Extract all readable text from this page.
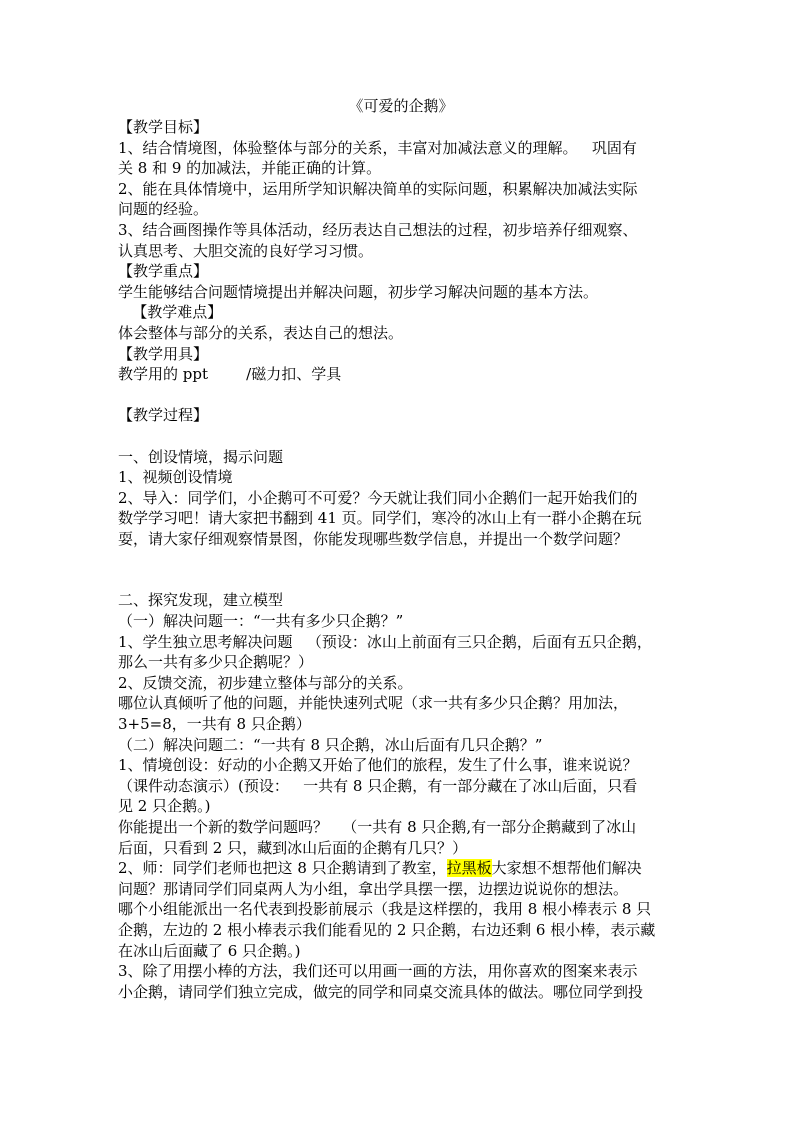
《可爱的企鹅》

【教学目标】

1、结合情境图，体验整体与部分的关系，丰富对加减法意义的理解。   巩固有

关 8 和 9 的加减法，并能正确的计算。

2、能在具体情境中，运用所学知识解决简单的实际问题，积累解决加减法实际

问题的经验。

3、结合画图操作等具体活动，经历表达自己想法的过程，初步培养仔细观察、

认真思考、大胆交流的良好学习习惯。

【教学重点】

学生能够结合问题情境提出并解决问题，初步学习解决问题的基本方法。

【教学难点】

体会整体与部分的关系，表达自己的想法。

【教学用具】

教学用的 ppt        /磁力扣、学具

【教学过程】

一、创设情境，揭示问题

1、视频创设情境

2、导入：同学们，小企鹅可不可爱？今天就让我们同小企鹅们一起开始我们的

数学学习吧！请大家把书翻到 41 页。同学们，寒冷的冰山上有一群小企鹅在玩

耍，请大家仔细观察情景图，你能发现哪些数学信息，并提出一个数学问题？

二、探究发现，建立模型

（一）解决问题一：“一共有多少只企鹅？”

1、学生独立思考解决问题   （预设：冰山上前面有三只企鹅，后面有五只企鹅，

那么一共有多少只企鹅呢？）

2、反馈交流，初步建立整体与部分的关系。

哪位认真倾听了他的问题，并能快速列式呢（求一共有多少只企鹅？用加法，

3+5=8，一共有 8 只企鹅）

（二）解决问题二：“一共有 8 只企鹅，冰山后面有几只企鹅？”

1、情境创设：好动的小企鹅又开始了他们的旅程，发生了什么事，谁来说说？

（课件动态演示）(预设：   一共有 8 只企鹅，有一部分藏在了冰山后面，只看

见 2 只企鹅。)

你能提出一个新的数学问题吗？   （一共有 8 只企鹅,有一部分企鹅藏到了冰山

后面，只看到 2 只，藏到冰山后面的企鹅有几只？）

2、师：同学们老师也把这 8 只企鹅请到了教室，拉黑板大家想不想帮他们解决

问题？那请同学们同桌两人为小组，拿出学具摆一摆，边摆边说说你的想法。

哪个小组能派出一名代表到投影前展示（我是这样摆的，我用 8 根小棒表示 8 只

企鹅，左边的 2 根小棒表示我们能看见的 2 只企鹅，右边还剩 6 根小棒，表示藏

在冰山后面藏了 6 只企鹅。)

3、除了用摆小棒的方法，我们还可以用画一画的方法，用你喜欢的图案来表示

小企鹅，请同学们独立完成，做完的同学和同桌交流具体的做法。哪位同学到投
